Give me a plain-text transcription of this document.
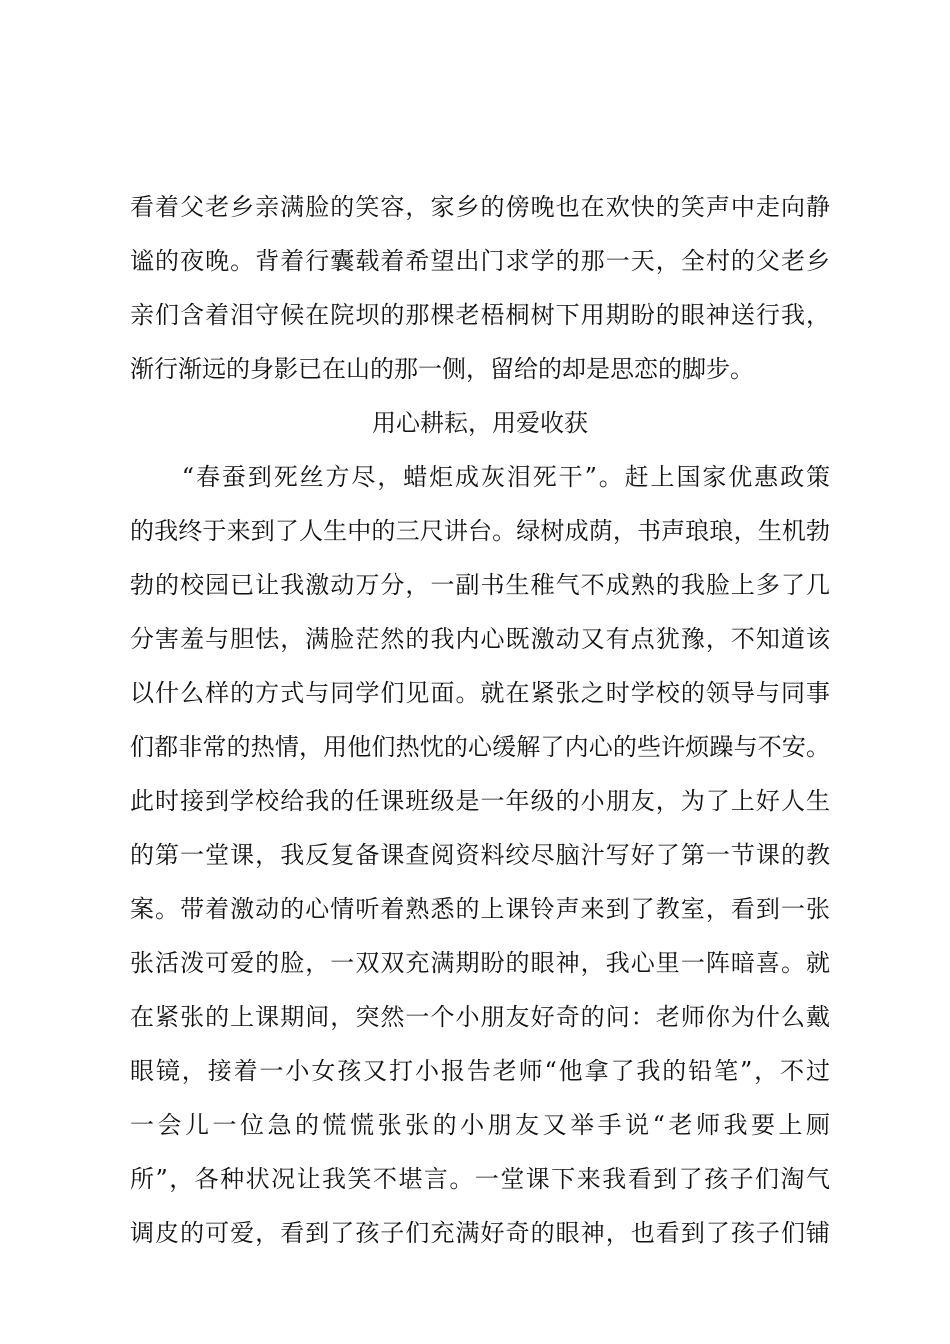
看着父老乡亲满脸的笑容，家乡的傍晚也在欢快的笑声中走向静
谧的夜晚。背着行囊载着希望出门求学的那一天，全村的父老乡
亲们含着泪守候在院坝的那棵老梧桐树下用期盼的眼神送行我，
渐行渐远的身影已在山的那一侧，留给的却是思恋的脚步。
用心耕耘，用爱收获
　　“春蚕到死丝方尽，蜡炬成灰泪死干”。赶上国家优惠政策
的我终于来到了人生中的三尺讲台。绿树成荫，书声琅琅，生机勃
勃的校园已让我激动万分，一副书生稚气不成熟的我脸上多了几
分害羞与胆怯，满脸茫然的我内心既激动又有点犹豫，不知道该
以什么样的方式与同学们见面。就在紧张之时学校的领导与同事
们都非常的热情，用他们热忱的心缓解了内心的些许烦躁与不安。
此时接到学校给我的任课班级是一年级的小朋友，为了上好人生
的第一堂课，我反复备课查阅资料绞尽脑汁写好了第一节课的教
案。带着激动的心情听着熟悉的上课铃声来到了教室，看到一张
张活泼可爱的脸，一双双充满期盼的眼神，我心里一阵暗喜。就
在紧张的上课期间，突然一个小朋友好奇的问：老师你为什么戴
眼镜，接着一小女孩又打小报告老师“他拿了我的铅笔”，不过
一会儿一位急的慌慌张张的小朋友又举手说“老师我要上厕
所”，各种状况让我笑不堪言。一堂课下来我看到了孩子们淘气
调皮的可爱，看到了孩子们充满好奇的眼神，也看到了孩子们铺
